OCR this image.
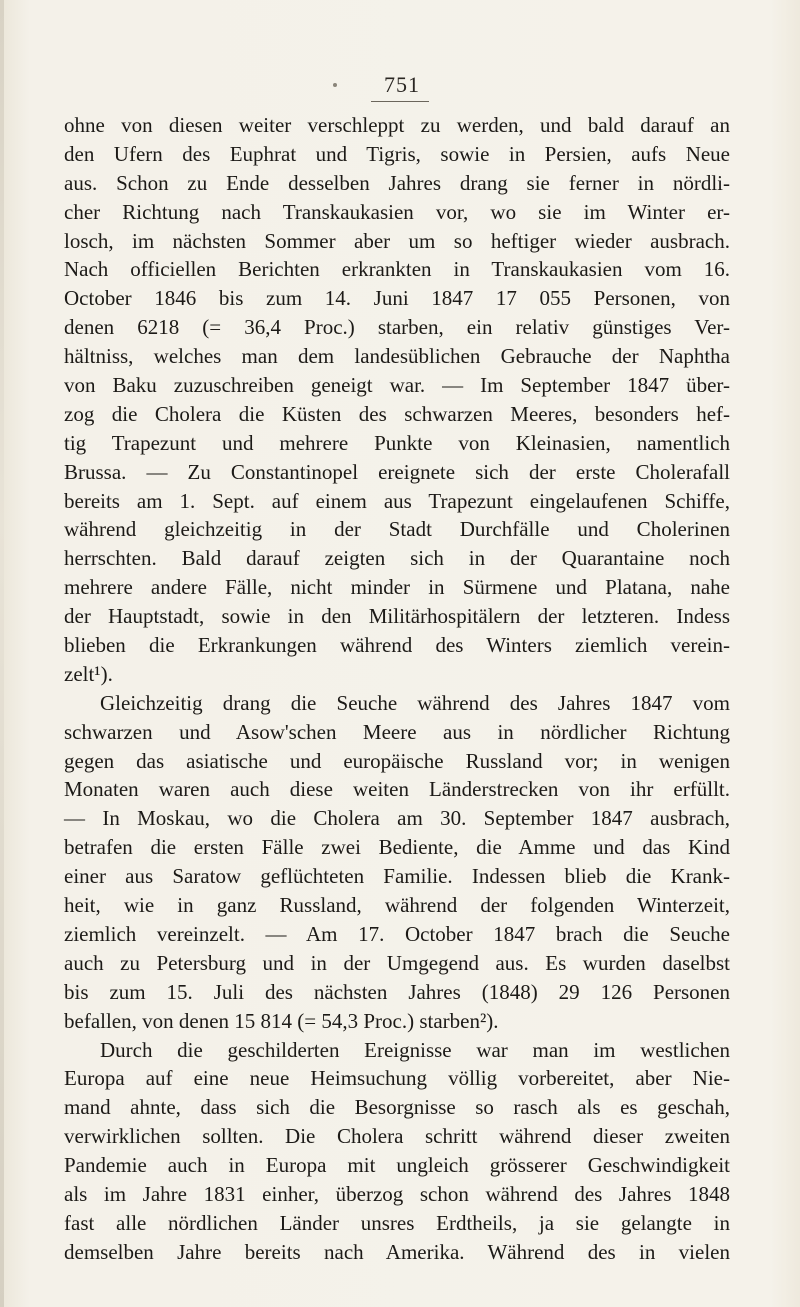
751
ohne von diesen weiter verschleppt zu werden, und bald darauf an
den Ufern des Euphrat und Tigris, sowie in Persien, aufs Neue
aus. Schon zu Ende desselben Jahres drang sie ferner in nördli-
cher Richtung nach Transkaukasien vor, wo sie im Winter er-
losch, im nächsten Sommer aber um so heftiger wieder ausbrach.
Nach officiellen Berichten erkrankten in Transkaukasien vom 16.
October 1846 bis zum 14. Juni 1847 17 055 Personen, von
denen 6218 (= 36,4 Proc.) starben, ein relativ günstiges Ver-
hältniss, welches man dem landesüblichen Gebrauche der Naphtha
von Baku zuzuschreiben geneigt war. — Im September 1847 über-
zog die Cholera die Küsten des schwarzen Meeres, besonders hef-
tig Trapezunt und mehrere Punkte von Kleinasien, namentlich
Brussa. — Zu Constantinopel ereignete sich der erste Cholerafall
bereits am 1. Sept. auf einem aus Trapezunt eingelaufenen Schiffe,
während gleichzeitig in der Stadt Durchfälle und Cholerinen
herrschten. Bald darauf zeigten sich in der Quarantaine noch
mehrere andere Fälle, nicht minder in Sürmene und Platana, nahe
der Hauptstadt, sowie in den Militärhospitälern der letzteren. Indess
blieben die Erkrankungen während des Winters ziemlich verein-
zelt¹).
Gleichzeitig drang die Seuche während des Jahres 1847 vom
schwarzen und Asow'schen Meere aus in nördlicher Richtung
gegen das asiatische und europäische Russland vor; in wenigen
Monaten waren auch diese weiten Länderstrecken von ihr erfüllt.
— In Moskau, wo die Cholera am 30. September 1847 ausbrach,
betrafen die ersten Fälle zwei Bediente, die Amme und das Kind
einer aus Saratow geflüchteten Familie. Indessen blieb die Krank-
heit, wie in ganz Russland, während der folgenden Winterzeit,
ziemlich vereinzelt. — Am 17. October 1847 brach die Seuche
auch zu Petersburg und in der Umgegend aus. Es wurden daselbst
bis zum 15. Juli des nächsten Jahres (1848) 29 126 Personen
befallen, von denen 15 814 (= 54,3 Proc.) starben²).
Durch die geschilderten Ereignisse war man im westlichen
Europa auf eine neue Heimsuchung völlig vorbereitet, aber Nie-
mand ahnte, dass sich die Besorgnisse so rasch als es geschah,
verwirklichen sollten. Die Cholera schritt während dieser zweiten
Pandemie auch in Europa mit ungleich grösserer Geschwindigkeit
als im Jahre 1831 einher, überzog schon während des Jahres 1848
fast alle nördlichen Länder unsres Erdtheils, ja sie gelangte in
demselben Jahre bereits nach Amerika. Während des in vielen
